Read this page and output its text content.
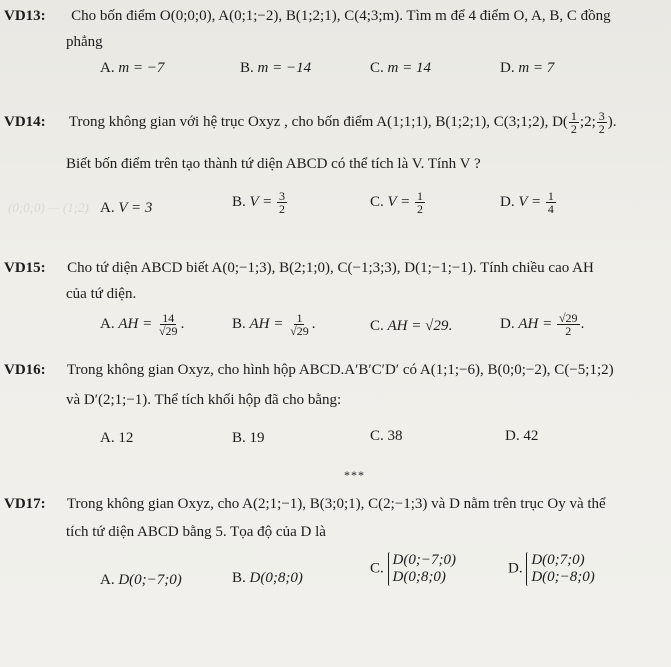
(0;0;0) — (1;2)
VD13: Cho bốn điểm O(0;0;0), A(0;1;−2), B(1;2;1), C(4;3;m). Tìm m để 4 điểm O, A, B, C đồng
phẳng
A. m = −7	B. m = −14	C. m = 14	D. m = 7
VD14: Trong không gian với hệ trục Oxyz , cho bốn điểm A(1;1;1), B(1;2;1), C(3;1;2), $D( \frac{1}{2}$ ;2; $\frac{3}{2}$ ).
Biết bốn điểm trên tạo thành tứ diện ABCD có thể tích là V. Tính V ?
A. V = 3	B. $V = \frac{3}{2}$	C. $V = \frac{1}{2}$	D. $V = \frac{1}{4}$
VD15: Cho tứ diện ABCD biết A(0;−1;3), B(2;1;0), C(−1;3;3), D(1;−1;−1). Tính chiều cao AH
của tứ diện.
A. AH = $\frac{14}{√29}$ .	B. AH = $\frac{1}{√29}$ .	C. AH = √29.	D. AH = $\frac{√29}{2}$ .
VD16: Trong không gian Oxyz, cho hình hộp ABCD.A′B′C′D′ có A(1;1;−6), B(0;0;−2), C(−5;1;2)
và D′(2;1;−1). Thể tích khối hộp đã cho bằng:
A. 12	B. 19	C. 38	D. 42
***
VD17: Trong không gian Oxyz, cho A(2;1;−1), B(3;0;1), C(2;−1;3) và D nằm trên trục Oy và thể
tích tứ diện ABCD bằng 5. Tọa độ của D là
A. D(0;−7;0)	B. D(0;8;0)
C.
D(0;−7;0)
D(0;8;0)
D.
D(0;7;0)
D(0;−8;0)
